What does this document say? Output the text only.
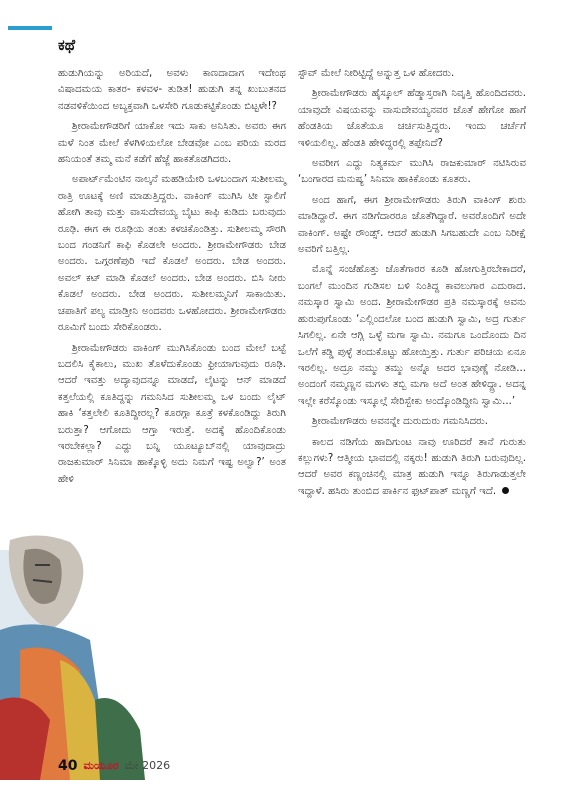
ಕಥೆ

ಹುಡುಗಿಯನ್ನು ಅರಿಯದೆ, ಅವಳು ಕಾಣದಾದಾಗ ಇದೇಂಥ ವಿಷಾದಮಯ ಕಾತರ- ಕಳವಳ- ತುಡಿತ! ಹುಡುಗಿ ತನ್ನ ಖುಬುತನದ ನಡವಳಿಕೆಯಿಂದ ಅಬ್ಯಕ್ತವಾಗಿ ಒಳಸೇರಿ ಗೂಡುಕಟ್ಟಿಕೊಂಡು ಬಿಟ್ಟಳೇ!?

ಶ್ರೀರಾಮೇಗೌಡರಿಗೆ ಯಾಕೋ ಇದು ಸಾಕು ಅನಿಸಿತು. ಅವರು ಈಗ ಮಳೆ ನಿಂತ ಮೇಲೆ ಕೆಳಗಿಳಿಯಲೋ ಬೇಡವೋ ಎಂಬ ಪರಿಯ ಮರದ ಹನಿಯಂತೆ ತಮ್ಮ ಮನೆ ಕಡೆಗೆ ಹೆಜ್ಜೆ ಹಾಕತೊಡಗಿದರು.

ಅಪಾರ್ಟ್‌ಮೆಂಟಿನ ನಾಲ್ಕನೆ ಮಹಡಿಯೇರಿ ಒಳಬಂದಾಗ ಸುಶೀಲಮ್ಮ ರಾತ್ರಿ ಊಟಕ್ಕೆ ಅಣಿ ಮಾಡುತ್ತಿದ್ದರು. ವಾಕಿಂಗ್ ಮುಗಿಸಿ ಟೀ ಸ್ಟಾಲಿಗೆ ಹೋಗಿ ತಾವು ಮತ್ತು ವಾಸುದೇವಯ್ಯ ಬೈಟು ಕಾಫಿ ಕುಡಿದು ಬರುವುದು ರೂಢಿ. ಈಗ ಈ ರೂಢಿಯ ತಂತು ಕಳಚಿಕೊಂಡಿತ್ತು. ಸುಶೀಲಮ್ಮ ಸೌರಗಿ ಬಂದ ಗಂಡನಿಗೆ ಕಾಫಿ ಕೊಡಲೇ ಅಂದರು. ಶ್ರೀರಾಮೇಗೌಡರು ಬೇಡ ಅಂದರು. ಒಗ್ಗರಣೆಪುರಿ ಇದೆ ಕೊಡಲೆ ಅಂದರು. ಬೇಡ ಅಂದರು. ಅವಲ್ ಕಟ್ ಮಾಡಿ ಕೊಡಲೆ ಅಂದರು. ಬೇಡ ಅಂದರು. ಬಿಸಿ ನೀರು ಕೊಡಲೆ ಅಂದರು. ಬೇಡ ಅಂದರು. ಸುಶೀಲಮ್ಮನಿಗೆ ಸಾಕಾಯಿತು. ಚಪಾತಿಗೆ ಪಲ್ಯ ಮಾಡ್ತೀನಿ ಅಂದವರು ಒಳಹೋದರು. ಶ್ರೀರಾಮೇಗೌಡರು ರೂಮಿಗೆ ಬಂದು ಸೇರಿಕೊಂಡರು.

ಶ್ರೀರಾಮೇಗೌಡರು ವಾಕಿಂಗ್ ಮುಗಿಸಿಕೊಂಡು ಬಂದ ಮೇಲೆ ಬಟ್ಟೆ ಬದಲಿಸಿ ಕೈಕಾಲು, ಮುಖ ತೊಳೆದುಕೊಂಡು ಫ್ರೀಯಾಗುವುದು ರೂಢಿ. ಆದರೆ ಇವತ್ತು ಅದ್ಯಾವುದನ್ನೂ ಮಾಡದೆ, ಲೈಟನ್ನು ಆನ್ ಮಾಡದೆ ಕತ್ತಲೆಯಲ್ಲಿ ಕೂತಿದ್ದನ್ನು ಗಮನಿಸಿದ ಸುಶೀಲಮ್ಮ ಒಳ ಬಂದು ಲೈಟ್ ಹಾಕಿ ‘ಕತ್ತಲೇಲಿ ಕೂತಿದ್ದೀರಲ್ಲ? ಕೂರಗ್ಗಾ ಕೂತ್ರೆ ಕಳಕೊಂಡಿದ್ದು ತಿರುಗಿ ಬರುತ್ತಾ? ಆಗೋದು ಆಗ್ತಾ ಇರುತ್ತೆ. ಅದಕ್ಕೆ ಹೊಂದಿಕೊಂಡು ಇರಬೇಕಲ್ಲಾ? ಎದ್ದು ಬನ್ನಿ ಯೂಟ್ಯೂಬ್‌ನಲ್ಲಿ ಯಾವುದಾದ್ರು ರಾಜಕುಮಾರ್ ಸಿನಿಮಾ ಹಾಕ್ಕೊಳ್ಳಿ ಅದು ನಿಮಗೆ ಇಷ್ಟ ಅಲ್ವಾ?’ ಅಂತ ಹೇಳಿ

ಸ್ಟೌವ್ ಮೇಲೆ ನೀರಿಟ್ಟಿದ್ದೆ ಅನ್ನುತ್ತ ಒಳ ಹೋದರು.

ಶ್ರೀರಾಮೇಗೌಡರು ಹೈಸ್ಕೂಲ್ ಹೆಡ್ಮಾಸ್ತರಾಗಿ ನಿವೃತ್ತಿ ಹೊಂದಿದವರು. ಯಾವುದೇ ವಿಷಯವನ್ನು ವಾಸುದೇವಯ್ಯನವರ ಜೊತೆ ಹೇಗೋ ಹಾಗೆ ಹೆಂಡತಿಯ ಜೊತೆಯೂ ಚರ್ಚಿಸುತ್ತಿದ್ದರು. ಇಂದು ಚರ್ಚೆಗೆ ಇಳಿಯಲಿಲ್ಲ. ಹೆಂಡತಿ ಹೇಳಿದ್ದರಲ್ಲಿ ತಪ್ಪೇನಿದೆ?

ಅವರೀಗ ಎದ್ದು ನಿತ್ಯಕರ್ಮ ಮುಗಿಸಿ ರಾಜಕುಮಾರ್ ನಟಿಸಿರುವ ‘ಬಂಗಾರದ ಮನುಷ್ಯ’ ಸಿನಿಮಾ ಹಾಕಿಕೊಂಡು ಕೂತರು.

ಅಂದ ಹಾಗೆ, ಈಗ ಶ್ರೀರಾಮೇಗೌಡರು ತಿರುಗಿ ವಾಕಿಂಗ್ ಶುರು ಮಾಡಿದ್ದಾರೆ. ಈಗ ನಡಿಗೆದಾರರೂ ಜೊತೆಗಿದ್ದಾರೆ. ಅವರೊಂದಿಗೆ ಅದೇ ವಾಕಿಂಗ್. ಅಷ್ಟೇ ರೌಂಡ್ಸ್. ಆದರೆ ಹುಡುಗಿ ಸಿಗಬಹುದೇ ಎಂಬ ನಿರೀಕ್ಷೆ ಅವರಿಗೆ ಬತ್ತಿಲ್ಲ.

ಮೊನ್ನೆ ಸಂಜೆಹೊತ್ತು ಜೊತೆಗಾರರ ಕೂಡಿ ಹೋಗುತ್ತಿರಬೇಕಾದರೆ, ಬಂಗಲೆ ಮುಂದಿನ ಗುಡಿಸಲ ಬಳಿ ನಿಂತಿದ್ದ ಕಾವಲುಗಾರ ಎದುರಾದ. ನಮಸ್ಕಾರ ಸ್ವಾಮಿ ಅಂದ. ಶ್ರೀರಾಮೇಗೌಡರ ಪ್ರತಿ ನಮಸ್ಕಾರಕ್ಕೆ ಅವನು ಹುರುಪುಗೊಂಡು ‘ಎಲ್ಲಿಂದಲೋ ಬಂದ ಹುಡುಗಿ ಸ್ವಾಮಿ, ಅದ್ರ ಗುರ್ತು ಸಿಗಲಿಲ್ಲ. ಏನೇ ಆಗ್ಲಿ ಒಳ್ಳೆ ಮಗಾ ಸ್ವಾಮಿ. ನಮಗೂ ಒಂದೊಂದು ದಿನ ಒಲೆಗೆ ಕಡ್ಡಿ ಪುಳ್ಳೆ ತಂದುಕೊಟ್ಟು ಹೋಯ್ತಿತ್ತು. ಗುರ್ತು ಪರಿಚಯ ಏನೂ ಇರಲಿಲ್ಲ. ಅದ್ರೂ ನಮ್ಮು ತಮ್ಮು ಅನ್ನೊ ಅದರ ಭಾವುಣ್ಣೆ ನೋಡಿ... ಅಂದಂಗೆ ನಮ್ಮಣ್ಣನ ಮಗಳು ತಬ್ಬಿ ಮಗಾ ಅದೆ ಅಂತ ಹೇಳಿದ್ದ್ರಾ. ಅದನ್ನ ಇಲ್ಲೇ ಕರೆಸ್ಕೊಂಡು ಇಸ್ಕೂಲ್ಗೆ ಸೇರಿಸ್ಬೇಕು ಅಂದ್ಕೊಂಡಿದ್ದೀನಿ ಸ್ವಾಮಿ...’

ಶ್ರೀರಾಮೇಗೌಡರು ಅವನನ್ನೇ ದುರುದುರು ಗಮನಿಸಿದರು.

ಕಾಲದ ನಡಿಗೆಯ ಹಾದಿಗುಂಟ ನಾವು ಊರಿದರೆ ತಾನೆ ಗುರುತು ಕಲ್ಲುಗಳು? ಆತ್ಮೀಯ ಭಾವದಲ್ಲಿ ನಕ್ಕರು! ಹುಡುಗಿ ತಿರುಗಿ ಬರುವುದಿಲ್ಲ. ಆದರೆ ಅವರ ಕಣ್ಣಂಚಿನಲ್ಲಿ ಮಾತ್ರ ಹುಡುಗಿ ಇನ್ನೂ ತಿರುಗಾಡುತ್ತಲೇ ಇದ್ದಾಳೆ. ಹಸಿರು ತುಂಬಿದ ಪಾರ್ಕಿನ ಫುಟ್‌ಪಾತ್ ಮಣ್ಣಗೆ ಇದೆ.

40 ಮಯೂರ ಮೇ 2026
